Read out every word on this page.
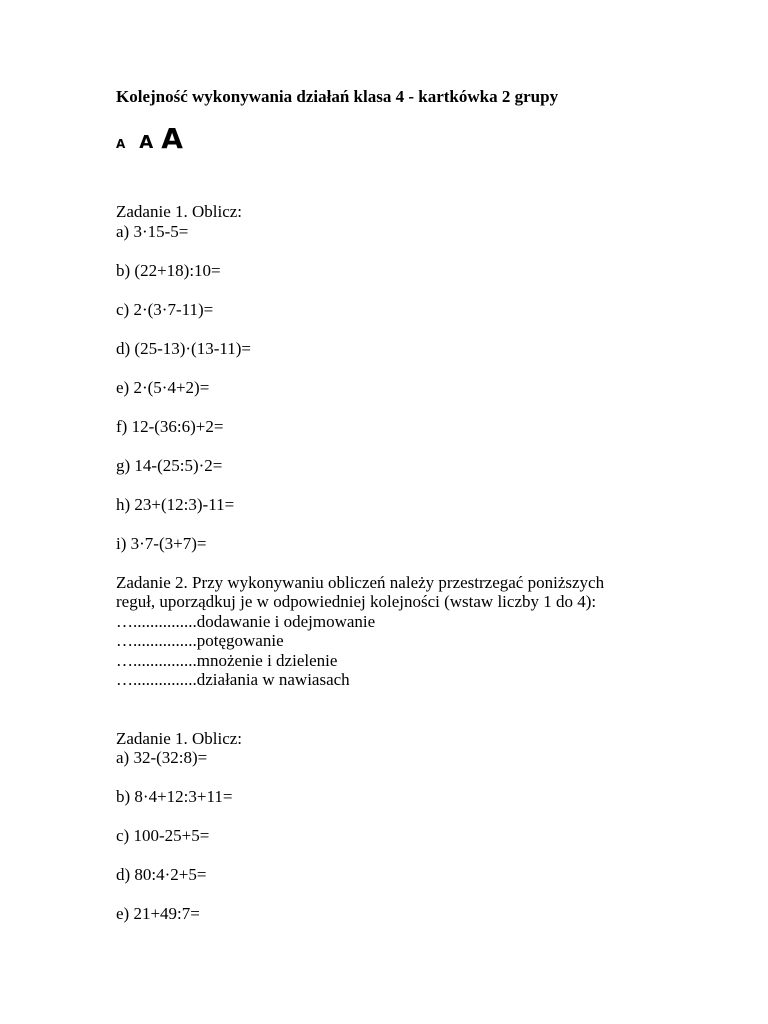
Kolejność wykonywania działań klasa 4 - kartkówka 2 grupy
A A A
Zadanie 1. Oblicz:
a) 3·15-5=
b) (22+18):10=
c) 2·(3·7-11)=
d) (25-13)·(13-11)=
e) 2·(5·4+2)=
f) 12-(36:6)+2=
g) 14-(25:5)·2=
h) 23+(12:3)-11=
i) 3·7-(3+7)=
Zadanie 2. Przy wykonywaniu obliczeń należy przestrzegać poniższych
reguł, uporządkuj je w odpowiedniej kolejności (wstaw liczby 1 do 4):
…...............dodawanie i odejmowanie
…...............potęgowanie
…...............mnożenie i dzielenie
…...............działania w nawiasach
Zadanie 1. Oblicz:
a) 32-(32:8)=
b) 8·4+12:3+11=
c) 100-25+5=
d) 80:4·2+5=
e) 21+49:7=
